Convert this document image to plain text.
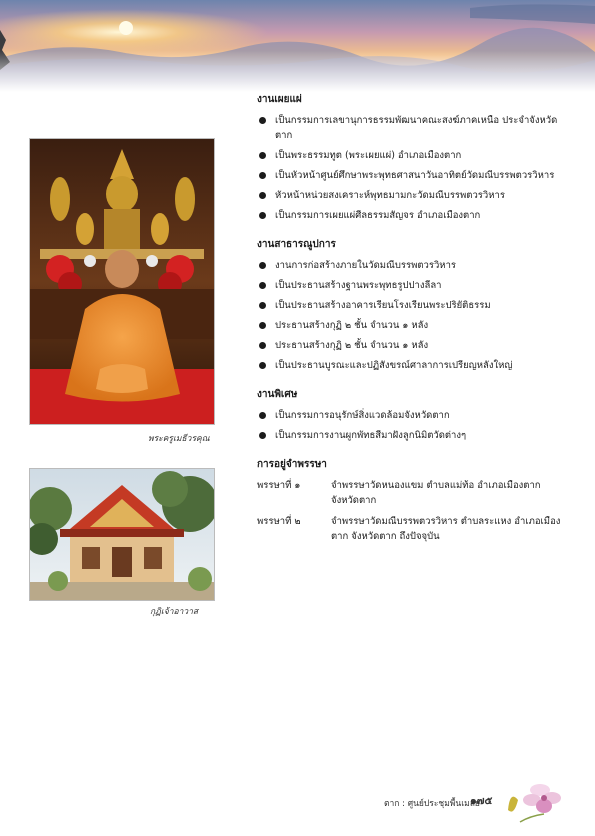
พระครูเมธีวรคุณ
กุฏิเจ้าอาวาส
งานเผยแผ่
เป็นกรรมการเลขานุการธรรมพัฒนาคณะสงฆ์ภาคเหนือ ประจำจังหวัดตาก
เป็นพระธรรมทูต (พระเผยแผ่) อำเภอเมืองตาก
เป็นหัวหน้าศูนย์ศึกษาพระพุทธศาสนาวันอาทิตย์วัดมณีบรรพตวรวิหาร
หัวหน้าหน่วยสงเคราะห์พุทธมามกะวัดมณีบรรพตวรวิหาร
เป็นกรรมการเผยแผ่ศีลธรรมสัญจร อำเภอเมืองตาก
งานสาธารณูปการ
งานการก่อสร้างภายในวัดมณีบรรพตวรวิหาร
เป็นประธานสร้างฐานพระพุทธรูปปางลีลา
เป็นประธานสร้างอาคารเรียนโรงเรียนพระปริยัติธรรม
ประธานสร้างกุฏิ ๒ ชั้น จำนวน ๑ หลัง
ประธานสร้างกุฏิ ๒ ชั้น จำนวน ๑ หลัง
เป็นประธานบูรณะและปฏิสังขรณ์ศาลาการเปรียญหลังใหญ่
งานพิเศษ
เป็นกรรมการอนุรักษ์สิ่งแวดล้อมจังหวัดตาก
เป็นกรรมการงานผูกพัทธสีมาฝังลูกนิมิตวัดต่างๆ
การอยู่จำพรรษา
พรรษาที่ ๑	จำพรรษาวัดหนองแขม ตำบลแม่ท้อ อำเภอเมืองตาก จังหวัดตาก
พรรษาที่ ๒	จำพรรษาวัดมณีบรรพตวรวิหาร ตำบลระแหง อำเภอเมืองตาก จังหวัดตาก ถึงปัจจุบัน
ตาก : ศูนย์ประชุมพื้นเมลย
๑๗๕
